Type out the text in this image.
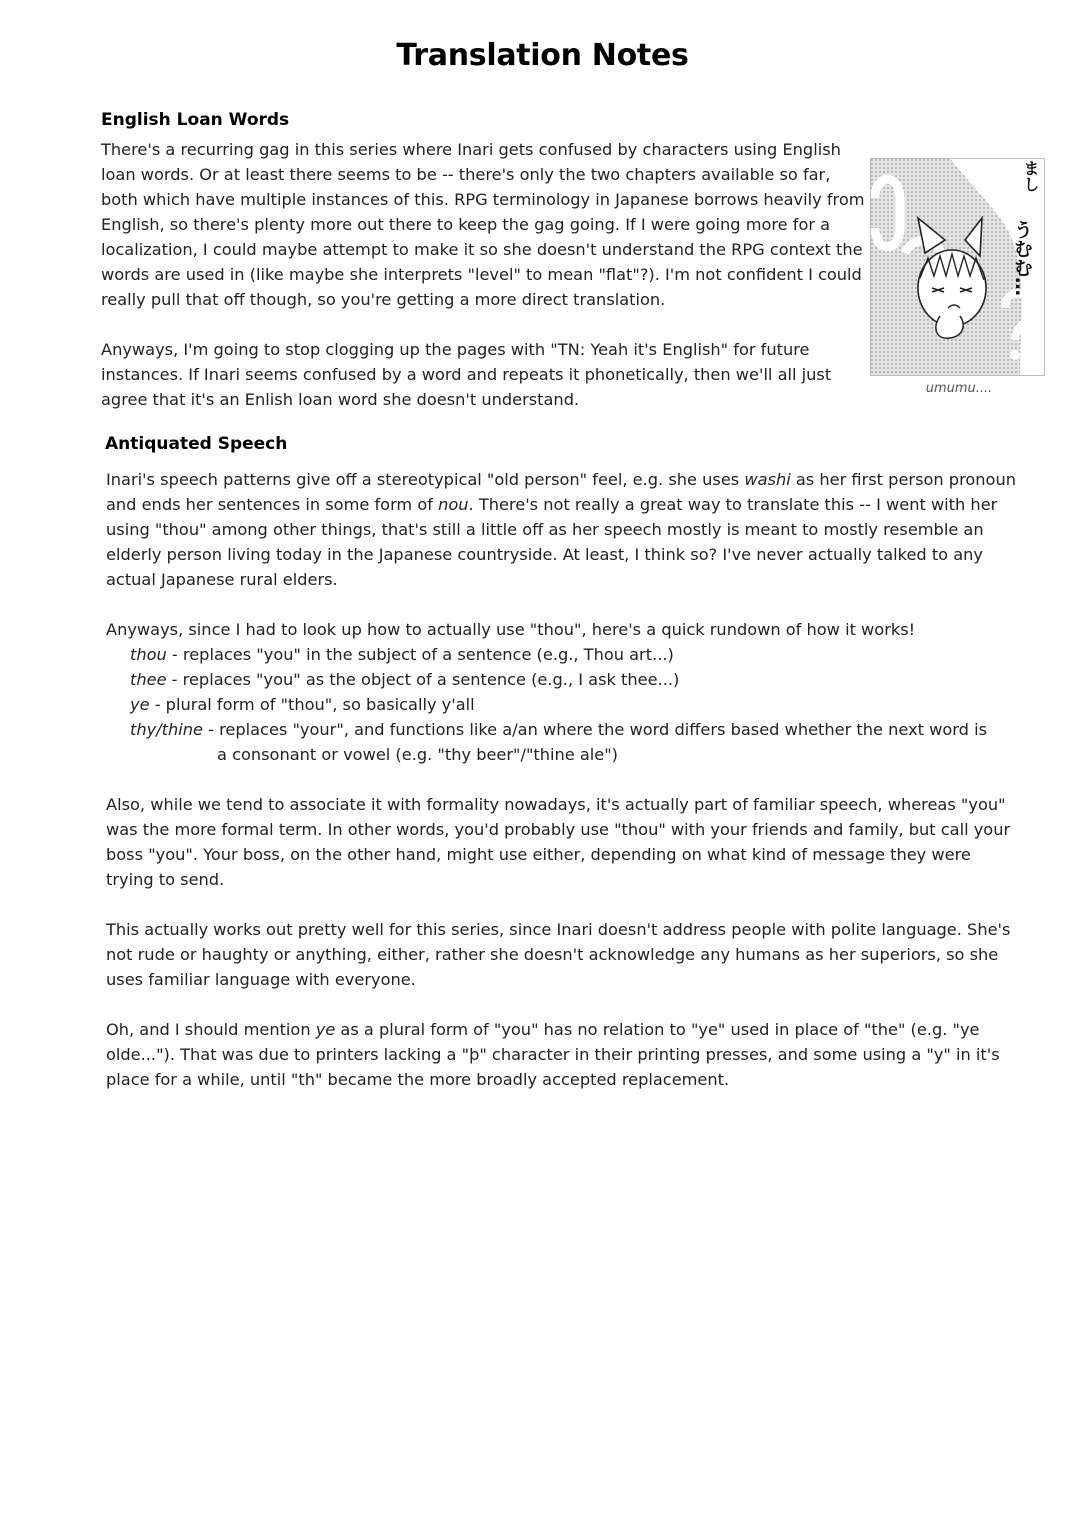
Translation Notes
English Loan Words

There's a recurring gag in this series where Inari gets confused by characters using English loan words. Or at least there seems to be -- there's only the two chapters available so far, both which have multiple instances of this. RPG terminology in Japanese borrows heavily from English, so there's plenty more out there to keep the gag going. If I were going more for a localization, I could maybe attempt to make it so she doesn't understand the RPG context the words are used in (like maybe she interprets "level" to mean "flat"?). I'm not confident I could really pull that off though, so you're getting a more direct translation.

Anyways, I'm going to stop clogging up the pages with "TN: Yeah it's English" for future instances. If Inari seems confused by a word and repeats it phonetically, then we'll all just agree that it's an Enlish loan word she doesn't understand.

まし
うむむ…
umumu....
Antiquated Speech

Inari's speech patterns give off a stereotypical "old person" feel, e.g. she uses washi as her first person pronoun and ends her sentences in some form of nou. There's not really a great way to translate this -- I went with her using "thou" among other things, that's still a little off as her speech mostly is meant to mostly resemble an elderly person living today in the Japanese countryside. At least, I think so? I've never actually talked to any actual Japanese rural elders.

Anyways, since I had to look up how to actually use "thou", here's a quick rundown of how it works!

thou - replaces "you" in the subject of a sentence (e.g., Thou art...)
thee - replaces "you" as the object of a sentence (e.g., I ask thee...)
ye - plural form of "thou", so basically y'all
thy/thine - replaces "your", and functions like a/an where the word differs based whether the next word is
a consonant or vowel (e.g. "thy beer"/"thine ale")

Also, while we tend to associate it with formality nowadays, it's actually part of familiar speech, whereas "you" was the more formal term. In other words, you'd probably use "thou" with your friends and family, but call your boss "you". Your boss, on the other hand, might use either, depending on what kind of message they were trying to send.

This actually works out pretty well for this series, since Inari doesn't address people with polite language. She's not rude or haughty or anything, either, rather she doesn't acknowledge any humans as her superiors, so she uses familiar language with everyone.

Oh, and I should mention ye as a plural form of "you" has no relation to "ye" used in place of "the" (e.g. "ye olde..."). That was due to printers lacking a "þ" character in their printing presses, and some using a "y" in it's place for a while, until "th" became the more broadly accepted replacement.
